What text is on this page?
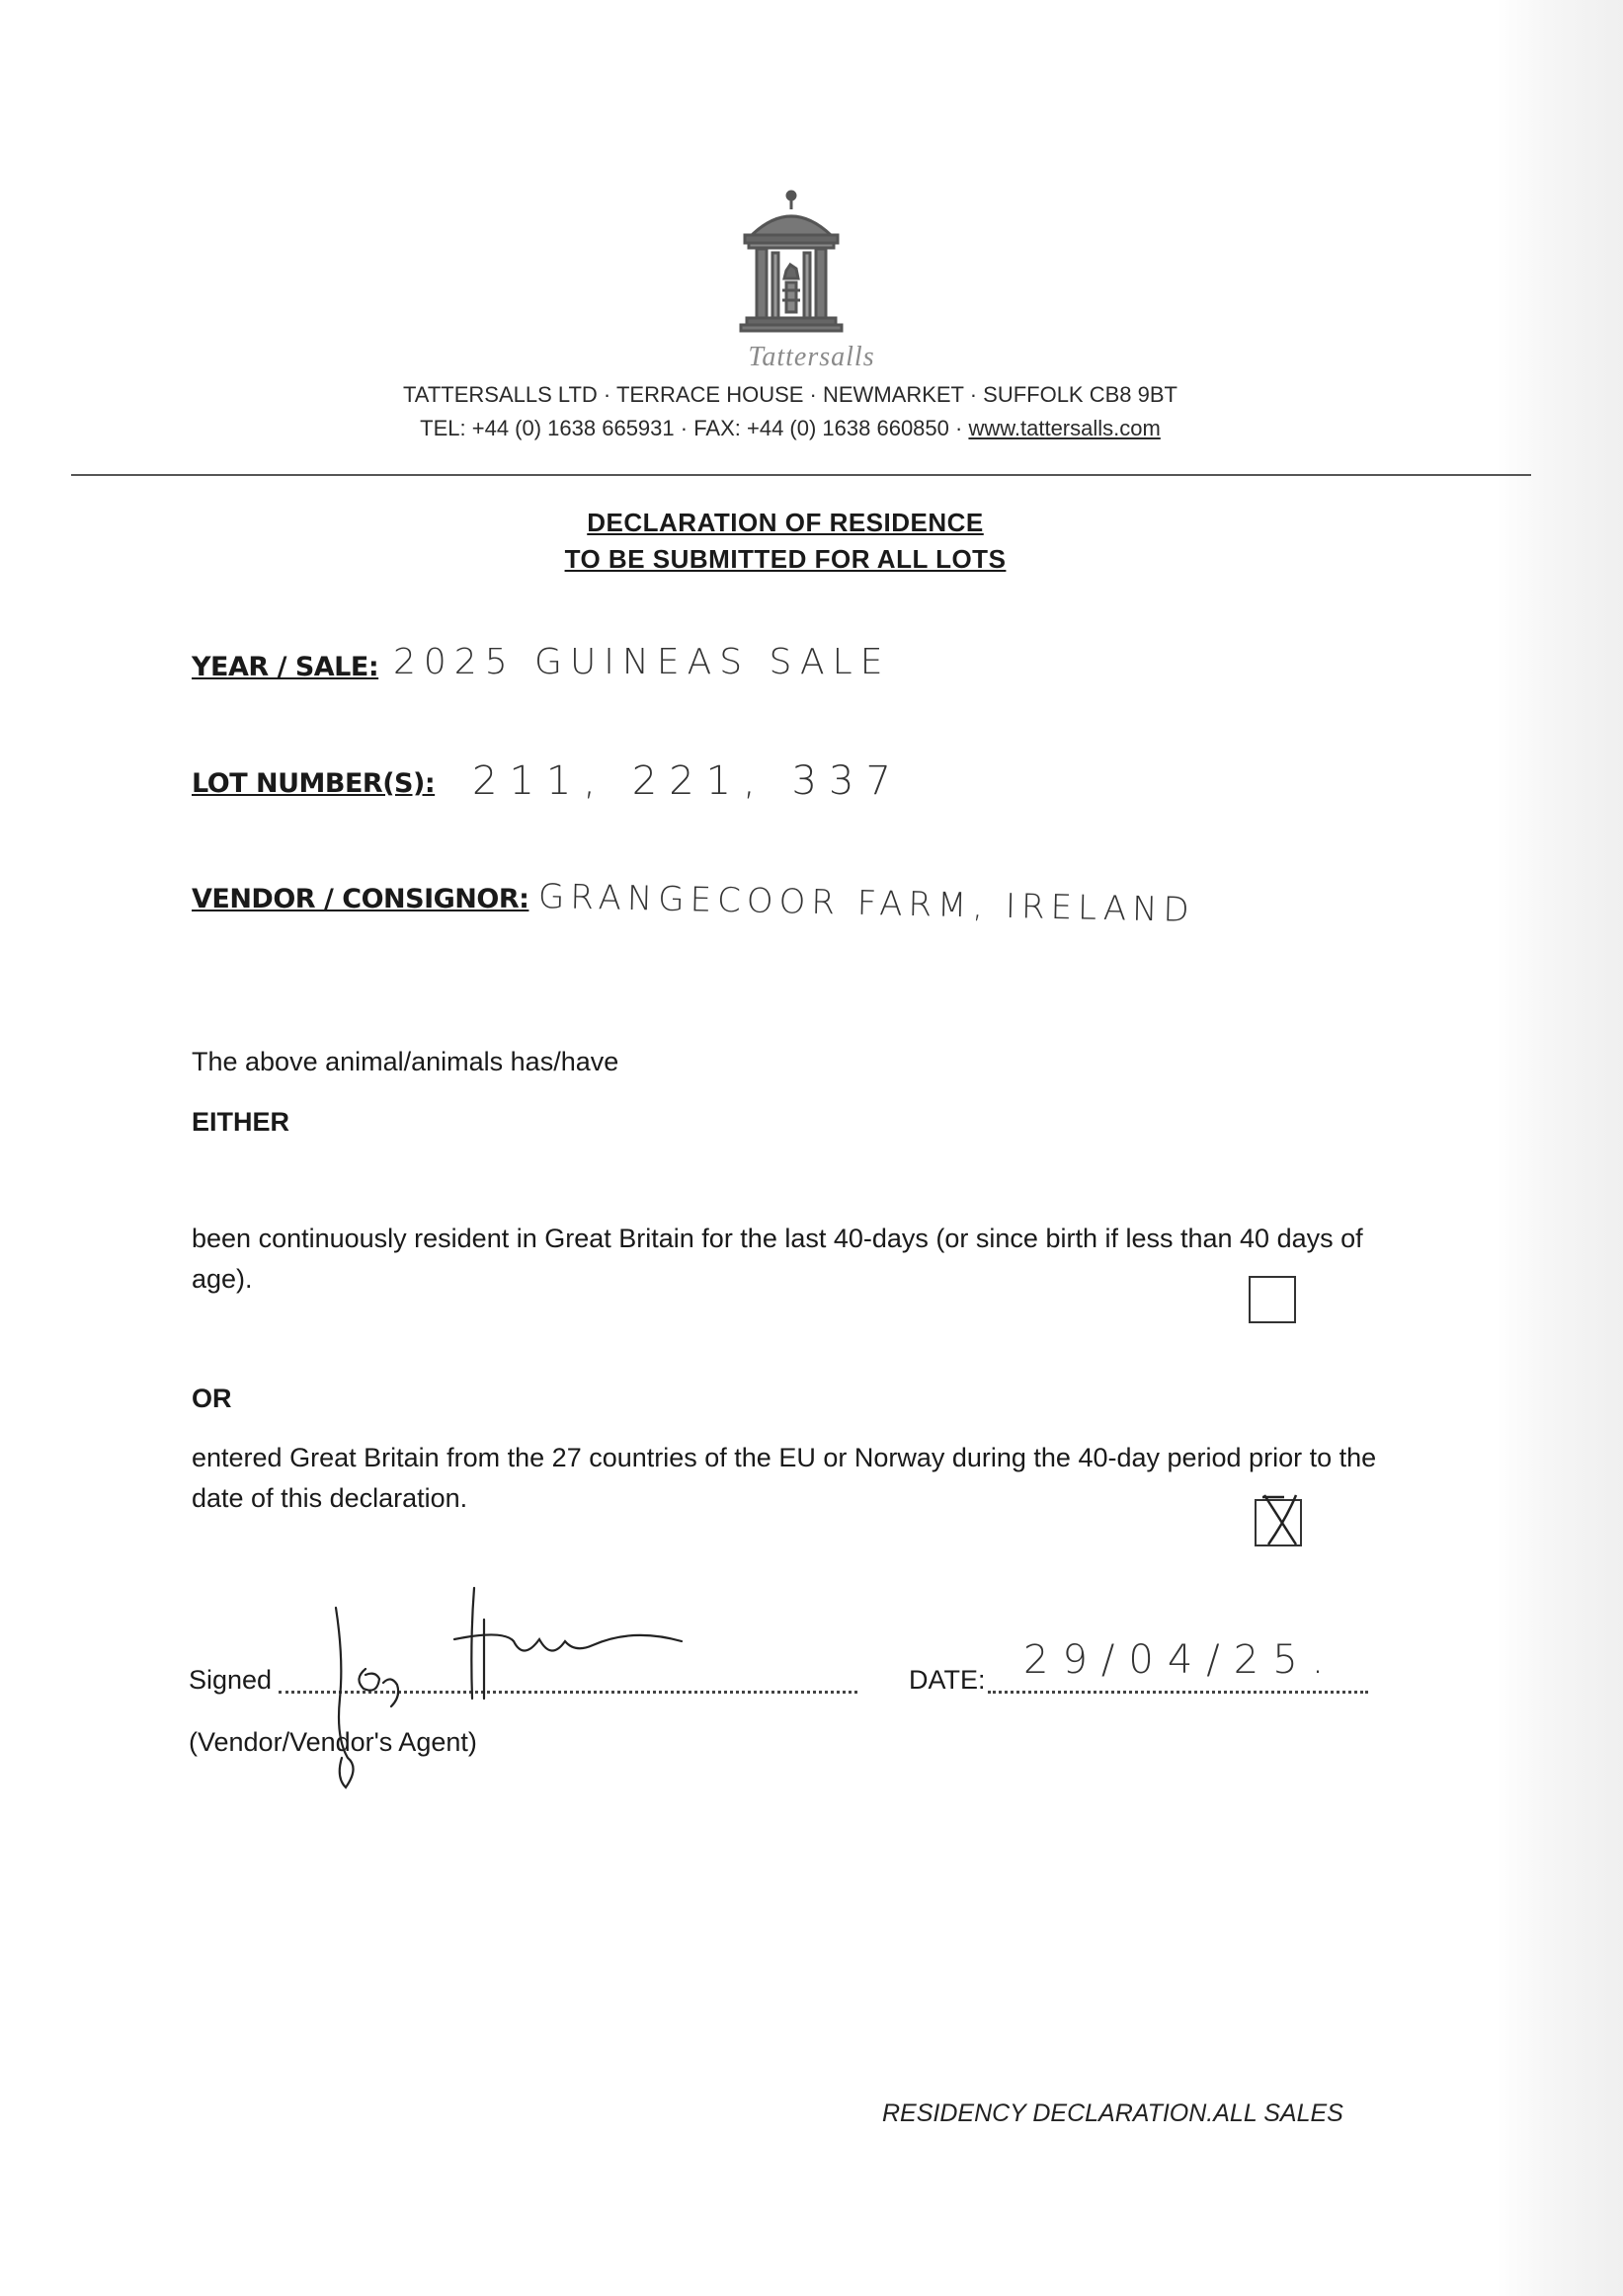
Tattersalls
TATTERSALLS LTD · TERRACE HOUSE · NEWMARKET · SUFFOLK CB8 9BT
TEL: +44 (0) 1638 665931 · FAX: +44 (0) 1638 660850 · www.tattersalls.com
DECLARATION OF RESIDENCE
TO BE SUBMITTED FOR ALL LOTS
YEAR / SALE: 2025 GUINEAS SALE
LOT NUMBER(S): 211, 221, 337
VENDOR / CONSIGNOR: GRANGECOOR FARM, IRELAND
The above animal/animals has/have
EITHER
been continuously resident in Great Britain for the last 40-days (or since birth if less than 40 days of age).
OR
entered Great Britain from the 27 countries of the EU or Norway during the 40-day period prior to the date of this declaration.
Signed
(Vendor/Vendor's Agent)
DATE: 29/04/25.
RESIDENCY DECLARATION.ALL SALES
